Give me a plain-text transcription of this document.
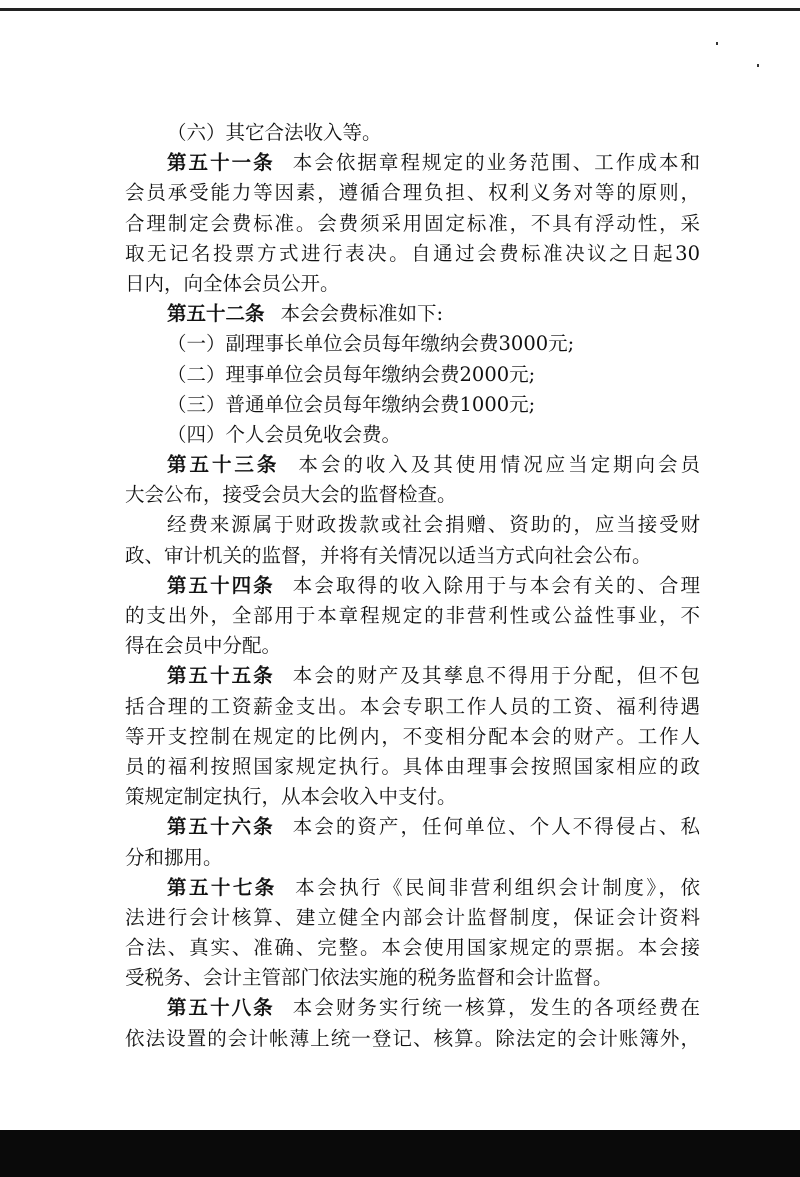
（六）其它合法收入等。
第五十一条 本会依据章程规定的业务范围、工作成本和
会员承受能力等因素，遵循合理负担、权利义务对等的原则，
合理制定会费标准。会费须采用固定标准，不具有浮动性，采
取无记名投票方式进行表决。自通过会费标准决议之日起30
日内，向全体会员公开。
第五十二条 本会会费标准如下:
（一）副理事长单位会员每年缴纳会费3000元;
（二）理事单位会员每年缴纳会费2000元;
（三）普通单位会员每年缴纳会费1000元;
（四）个人会员免收会费。
第五十三条 本会的收入及其使用情况应当定期向会员
大会公布，接受会员大会的监督检查。
经费来源属于财政拨款或社会捐赠、资助的，应当接受财
政、审计机关的监督，并将有关情况以适当方式向社会公布。
第五十四条 本会取得的收入除用于与本会有关的、合理
的支出外，全部用于本章程规定的非营利性或公益性事业，不
得在会员中分配。
第五十五条 本会的财产及其孳息不得用于分配，但不包
括合理的工资薪金支出。本会专职工作人员的工资、福利待遇
等开支控制在规定的比例内，不变相分配本会的财产。工作人
员的福利按照国家规定执行。具体由理事会按照国家相应的政
策规定制定执行，从本会收入中支付。
第五十六条 本会的资产，任何单位、个人不得侵占、私
分和挪用。
第五十七条 本会执行《民间非营利组织会计制度》，依
法进行会计核算、建立健全内部会计监督制度，保证会计资料
合法、真实、准确、完整。本会使用国家规定的票据。本会接
受税务、会计主管部门依法实施的税务监督和会计监督。
第五十八条 本会财务实行统一核算，发生的各项经费在
依法设置的会计帐薄上统一登记、核算。除法定的会计账簿外，
